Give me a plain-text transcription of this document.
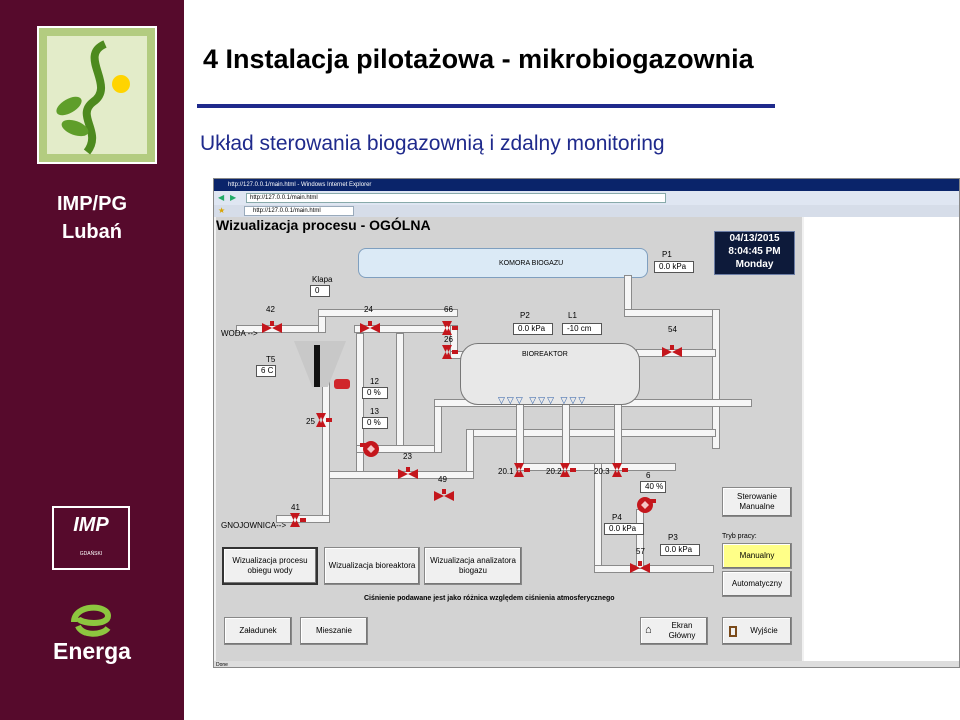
IMP/PG
Lubań
IMP
GDAŃSKI
Energa
4 Instalacja pilotażowa - mikrobiogazownia
Układ sterowania biogazownią i zdalny monitoring
http://127.0.0.1/main.html - Windows Internet Explorer
◀ ▶	http://127.0.0.1/main.html
★	http://127.0.0.1/main.html
Wizualizacja procesu - OGÓLNA
KOMORA BIOGAZU
P1
0.0 kPa
04/13/2015
8:04:45 PM
Monday
BIOREAKTOR
▽▽▽ ▽▽▽ ▽▽▽
Klapa
0
42	24	66
26
54
WODA -->
P2
0.0 kPa
L1
-10 cm
T5
6 C
12
0 %
13
0 %
25
23
49
41
GNOJOWNICA-->
20.1	20.2	20.3	6
40 %
P4
0.0 kPa
P3
0.0 kPa
57
Wizualizacja procesu obiegu wody
Wizualizacja bioreaktora
Wizualizacja analizatora biogazu
Ciśnienie podawane jest jako różnica względem ciśnienia atmosferycznego
Sterowanie Manualne
Tryb pracy:
Manualny
Automatyczny
Załadunek	Mieszanie	⌂	Ekran Główny
Wyjście
Done
